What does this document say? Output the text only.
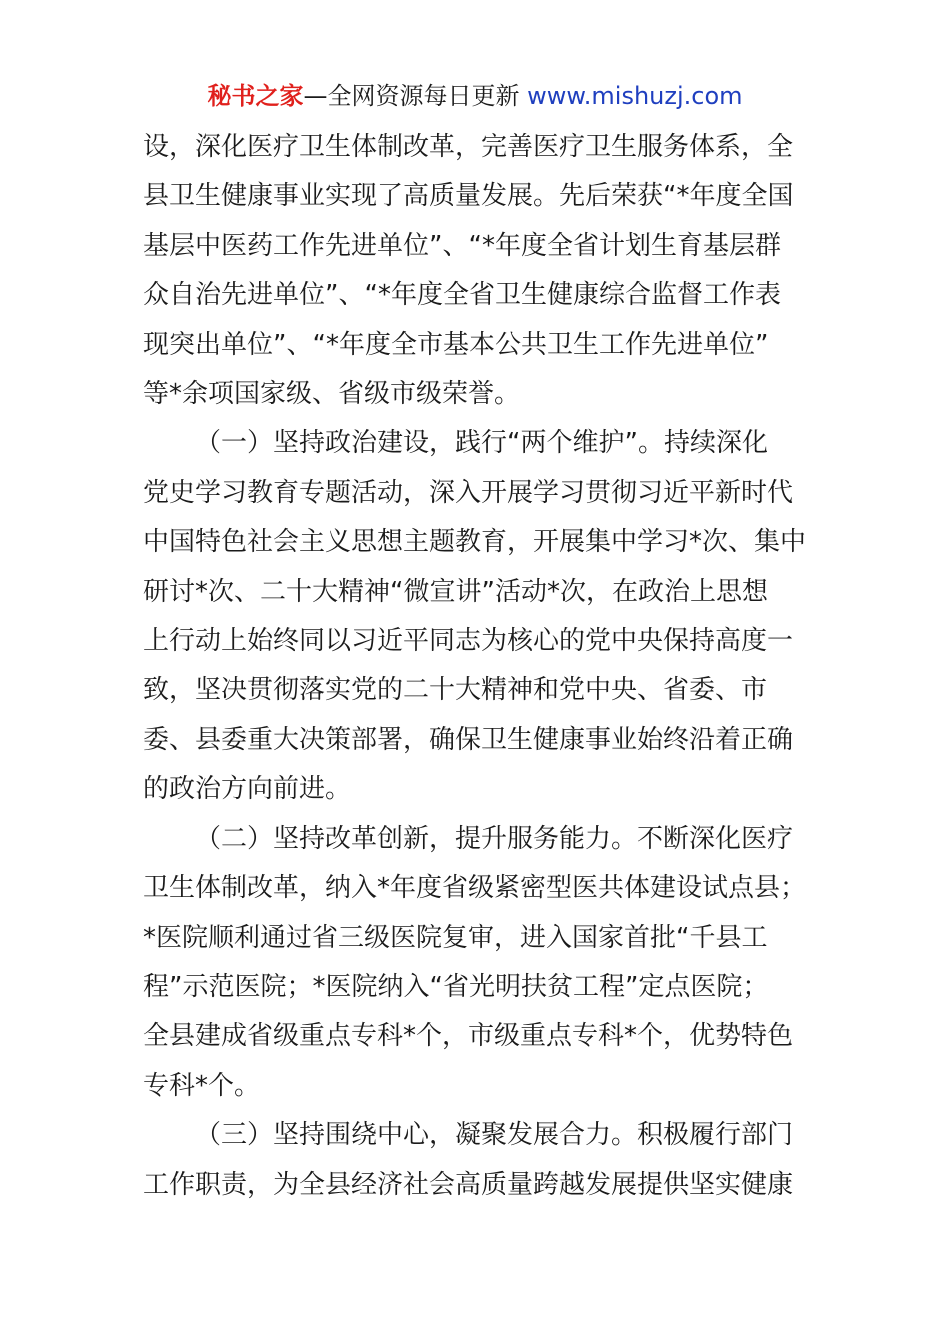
秘书之家—全网资源每日更新 www.mishuzj.com
设，深化医疗卫生体制改革，完善医疗卫生服务体系，全
县卫生健康事业实现了高质量发展。先后荣获“*年度全国
基层中医药工作先进单位”、“*年度全省计划生育基层群
众自治先进单位”、“*年度全省卫生健康综合监督工作表
现突出单位”、“*年度全市基本公共卫生工作先进单位”
等*余项国家级、省级市级荣誉。
（一）坚持政治建设，践行“两个维护”。持续深化
党史学习教育专题活动，深入开展学习贯彻习近平新时代
中国特色社会主义思想主题教育，开展集中学习*次、集中
研讨*次、二十大精神“微宣讲”活动*次，在政治上思想
上行动上始终同以习近平同志为核心的党中央保持高度一
致，坚决贯彻落实党的二十大精神和党中央、省委、市
委、县委重大决策部署，确保卫生健康事业始终沿着正确
的政治方向前进。
（二）坚持改革创新，提升服务能力。不断深化医疗
卫生体制改革，纳入*年度省级紧密型医共体建设试点县；
*医院顺利通过省三级医院复审，进入国家首批“千县工
程”示范医院；*医院纳入“省光明扶贫工程”定点医院；
全县建成省级重点专科*个，市级重点专科*个，优势特色
专科*个。
（三）坚持围绕中心，凝聚发展合力。积极履行部门
工作职责，为全县经济社会高质量跨越发展提供坚实健康
